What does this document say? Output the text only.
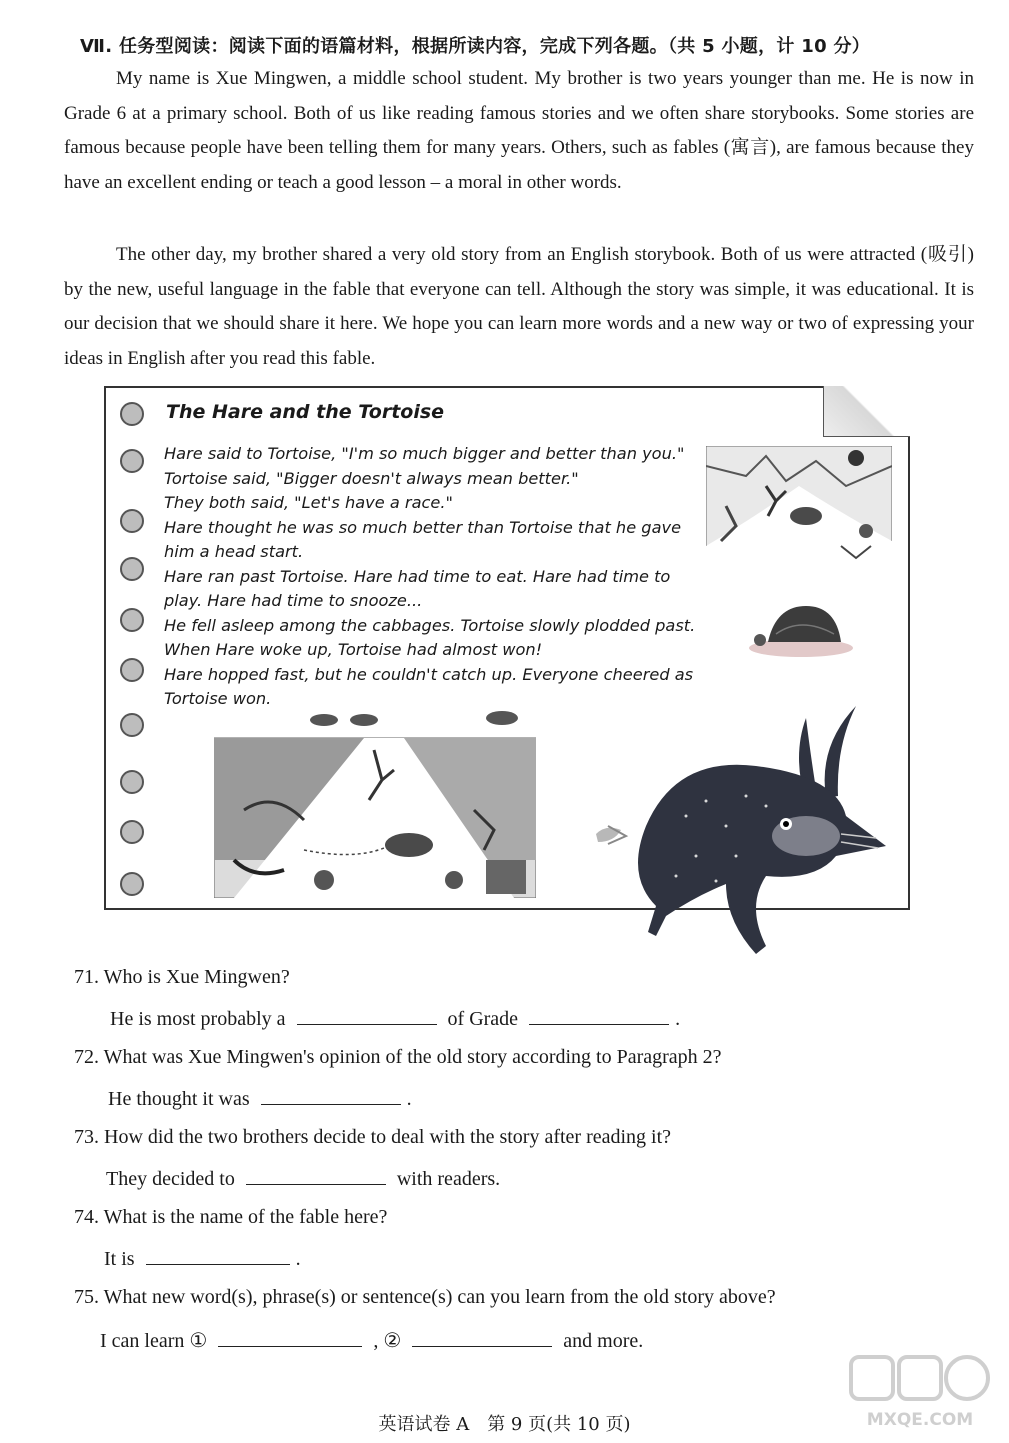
Ⅶ. 任务型阅读：阅读下面的语篇材料，根据所读内容，完成下列各题。（共 5 小题，计 10 分）
My name is Xue Mingwen, a middle school student. My brother is two years younger than me. He is now in Grade 6 at a primary school. Both of us like reading famous stories and we often share storybooks. Some stories are famous because people have been telling them for many years. Others, such as fables (寓言), are famous because they have an excellent ending or teach a good lesson – a moral in other words.
The other day, my brother shared a very old story from an English storybook. Both of us were attracted (吸引) by the new, useful language in the fable that everyone can tell. Although the story was simple, it was educational. It is our decision that we should share it here. We hope you can learn more words and a new way or two of expressing your ideas in English after you read this fable.
The Hare and the Tortoise

Hare said to Tortoise, "I'm so much bigger and better than you." Tortoise said, "Bigger doesn't always mean better."

They both said, "Let's have a race."

Hare thought he was so much better than Tortoise that he gave him a head start.

Hare ran past Tortoise. Hare had time to eat. Hare had time to play. Hare had time to snooze...

He fell asleep among the cabbages. Tortoise slowly plodded past. When Hare woke up, Tortoise had almost won!

Hare hopped fast, but he couldn't catch up. Everyone cheered as Tortoise won.

71. Who is Xue Mingwen?
He is most probably a	of Grade	.
72. What was Xue Mingwen's opinion of the old story according to Paragraph 2?
He thought it was	.
73. How did the two brothers decide to deal with the story after reading it?
They decided to	with readers.
74. What is the name of the fable here?
It is	.
75. What new word(s), phrase(s) or sentence(s) can you learn from the old story above?
I can learn ①	, ②	and more.
英语试卷 A　第 9 页(共 10 页)	MXQE.COM
